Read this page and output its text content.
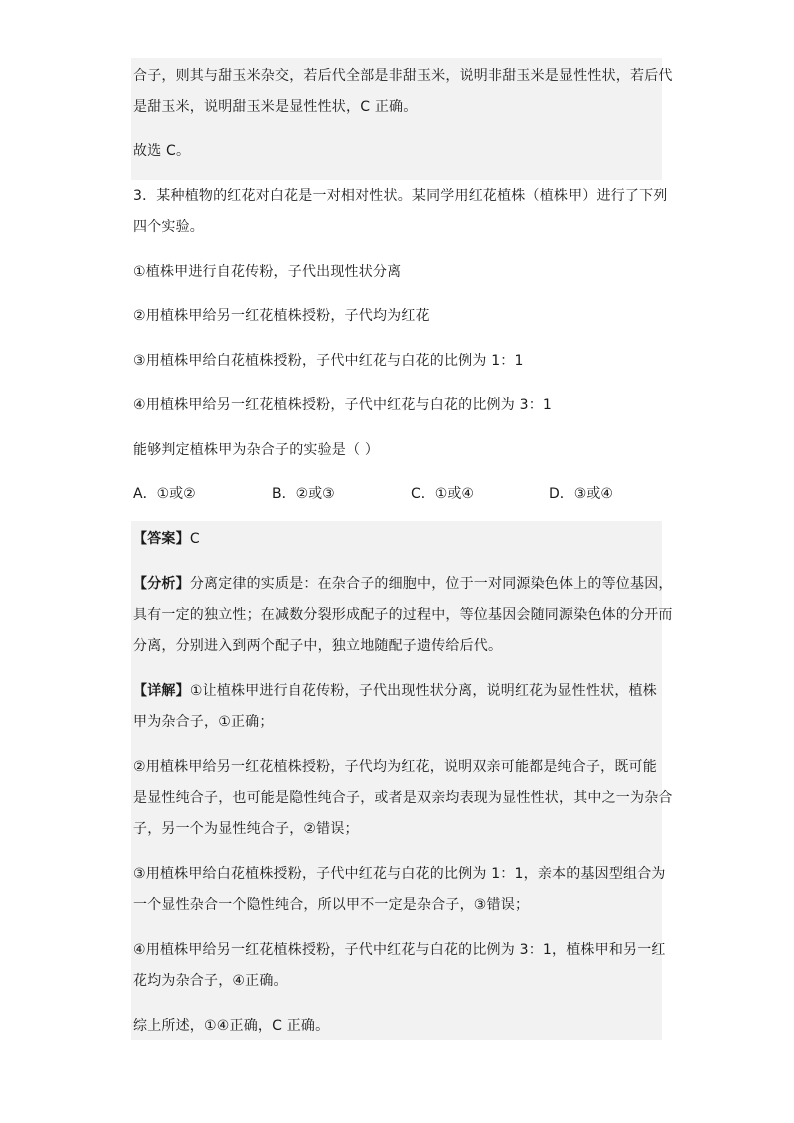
合子，则其与甜玉米杂交，若后代全部是非甜玉米，说明非甜玉米是显性性状，若后代
是甜玉米，说明甜玉米是显性性状，C 正确。
故选 C。
3．某种植物的红花对白花是一对相对性状。某同学用红花植株（植株甲）进行了下列
四个实验。
①植株甲进行自花传粉，子代出现性状分离
②用植株甲给另一红花植株授粉，子代均为红花
③用植株甲给白花植株授粉，子代中红花与白花的比例为 1：1
④用植株甲给另一红花植株授粉，子代中红花与白花的比例为 3：1
能够判定植株甲为杂合子的实验是（ ）
A．①或②	B．②或③	C．①或④	D．③或④
【答案】C
【分析】分离定律的实质是：在杂合子的细胞中，位于一对同源染色体上的等位基因，
具有一定的独立性；在减数分裂形成配子的过程中，等位基因会随同源染色体的分开而
分离，分别进入到两个配子中，独立地随配子遗传给后代。
【详解】①让植株甲进行自花传粉，子代出现性状分离，说明红花为显性性状，植株
甲为杂合子，①正确；
②用植株甲给另一红花植株授粉，子代均为红花，说明双亲可能都是纯合子，既可能
是显性纯合子，也可能是隐性纯合子，或者是双亲均表现为显性性状，其中之一为杂合
子，另一个为显性纯合子，②错误；
③用植株甲给白花植株授粉，子代中红花与白花的比例为 1：1，亲本的基因型组合为
一个显性杂合一个隐性纯合，所以甲不一定是杂合子，③错误；
④用植株甲给另一红花植株授粉，子代中红花与白花的比例为 3：1，植株甲和另一红
花均为杂合子，④正确。
综上所述，①④正确，C 正确。
